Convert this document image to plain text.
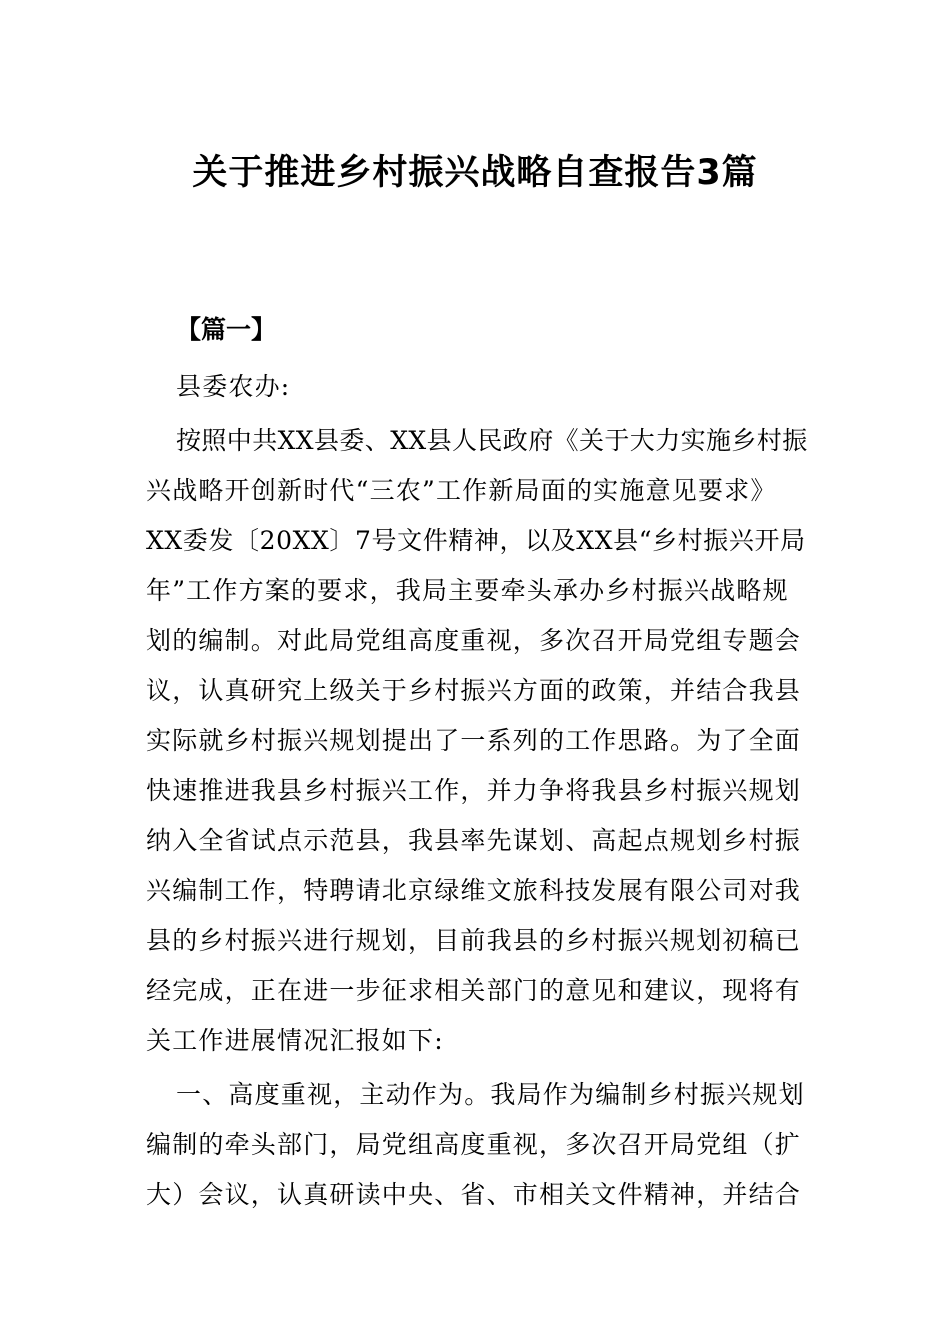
关于推进乡村振兴战略自查报告3篇
【篇一】
县委农办:
按照中共XX县委、XX县人民政府《关于大力实施乡村振
兴战略开创新时代“三农”工作新局面的实施意见要求》
XX委发〔20XX〕7号文件精神，以及XX县“乡村振兴开局
年”工作方案的要求，我局主要牵头承办乡村振兴战略规
划的编制。对此局党组高度重视，多次召开局党组专题会
议，认真研究上级关于乡村振兴方面的政策，并结合我县
实际就乡村振兴规划提出了一系列的工作思路。为了全面
快速推进我县乡村振兴工作，并力争将我县乡村振兴规划
纳入全省试点示范县，我县率先谋划、高起点规划乡村振
兴编制工作，特聘请北京绿维文旅科技发展有限公司对我
县的乡村振兴进行规划，目前我县的乡村振兴规划初稿已
经完成，正在进一步征求相关部门的意见和建议，现将有
关工作进展情况汇报如下:
一、高度重视，主动作为。我局作为编制乡村振兴规划
编制的牵头部门，局党组高度重视，多次召开局党组（扩
大）会议，认真研读中央、省、市相关文件精神，并结合
